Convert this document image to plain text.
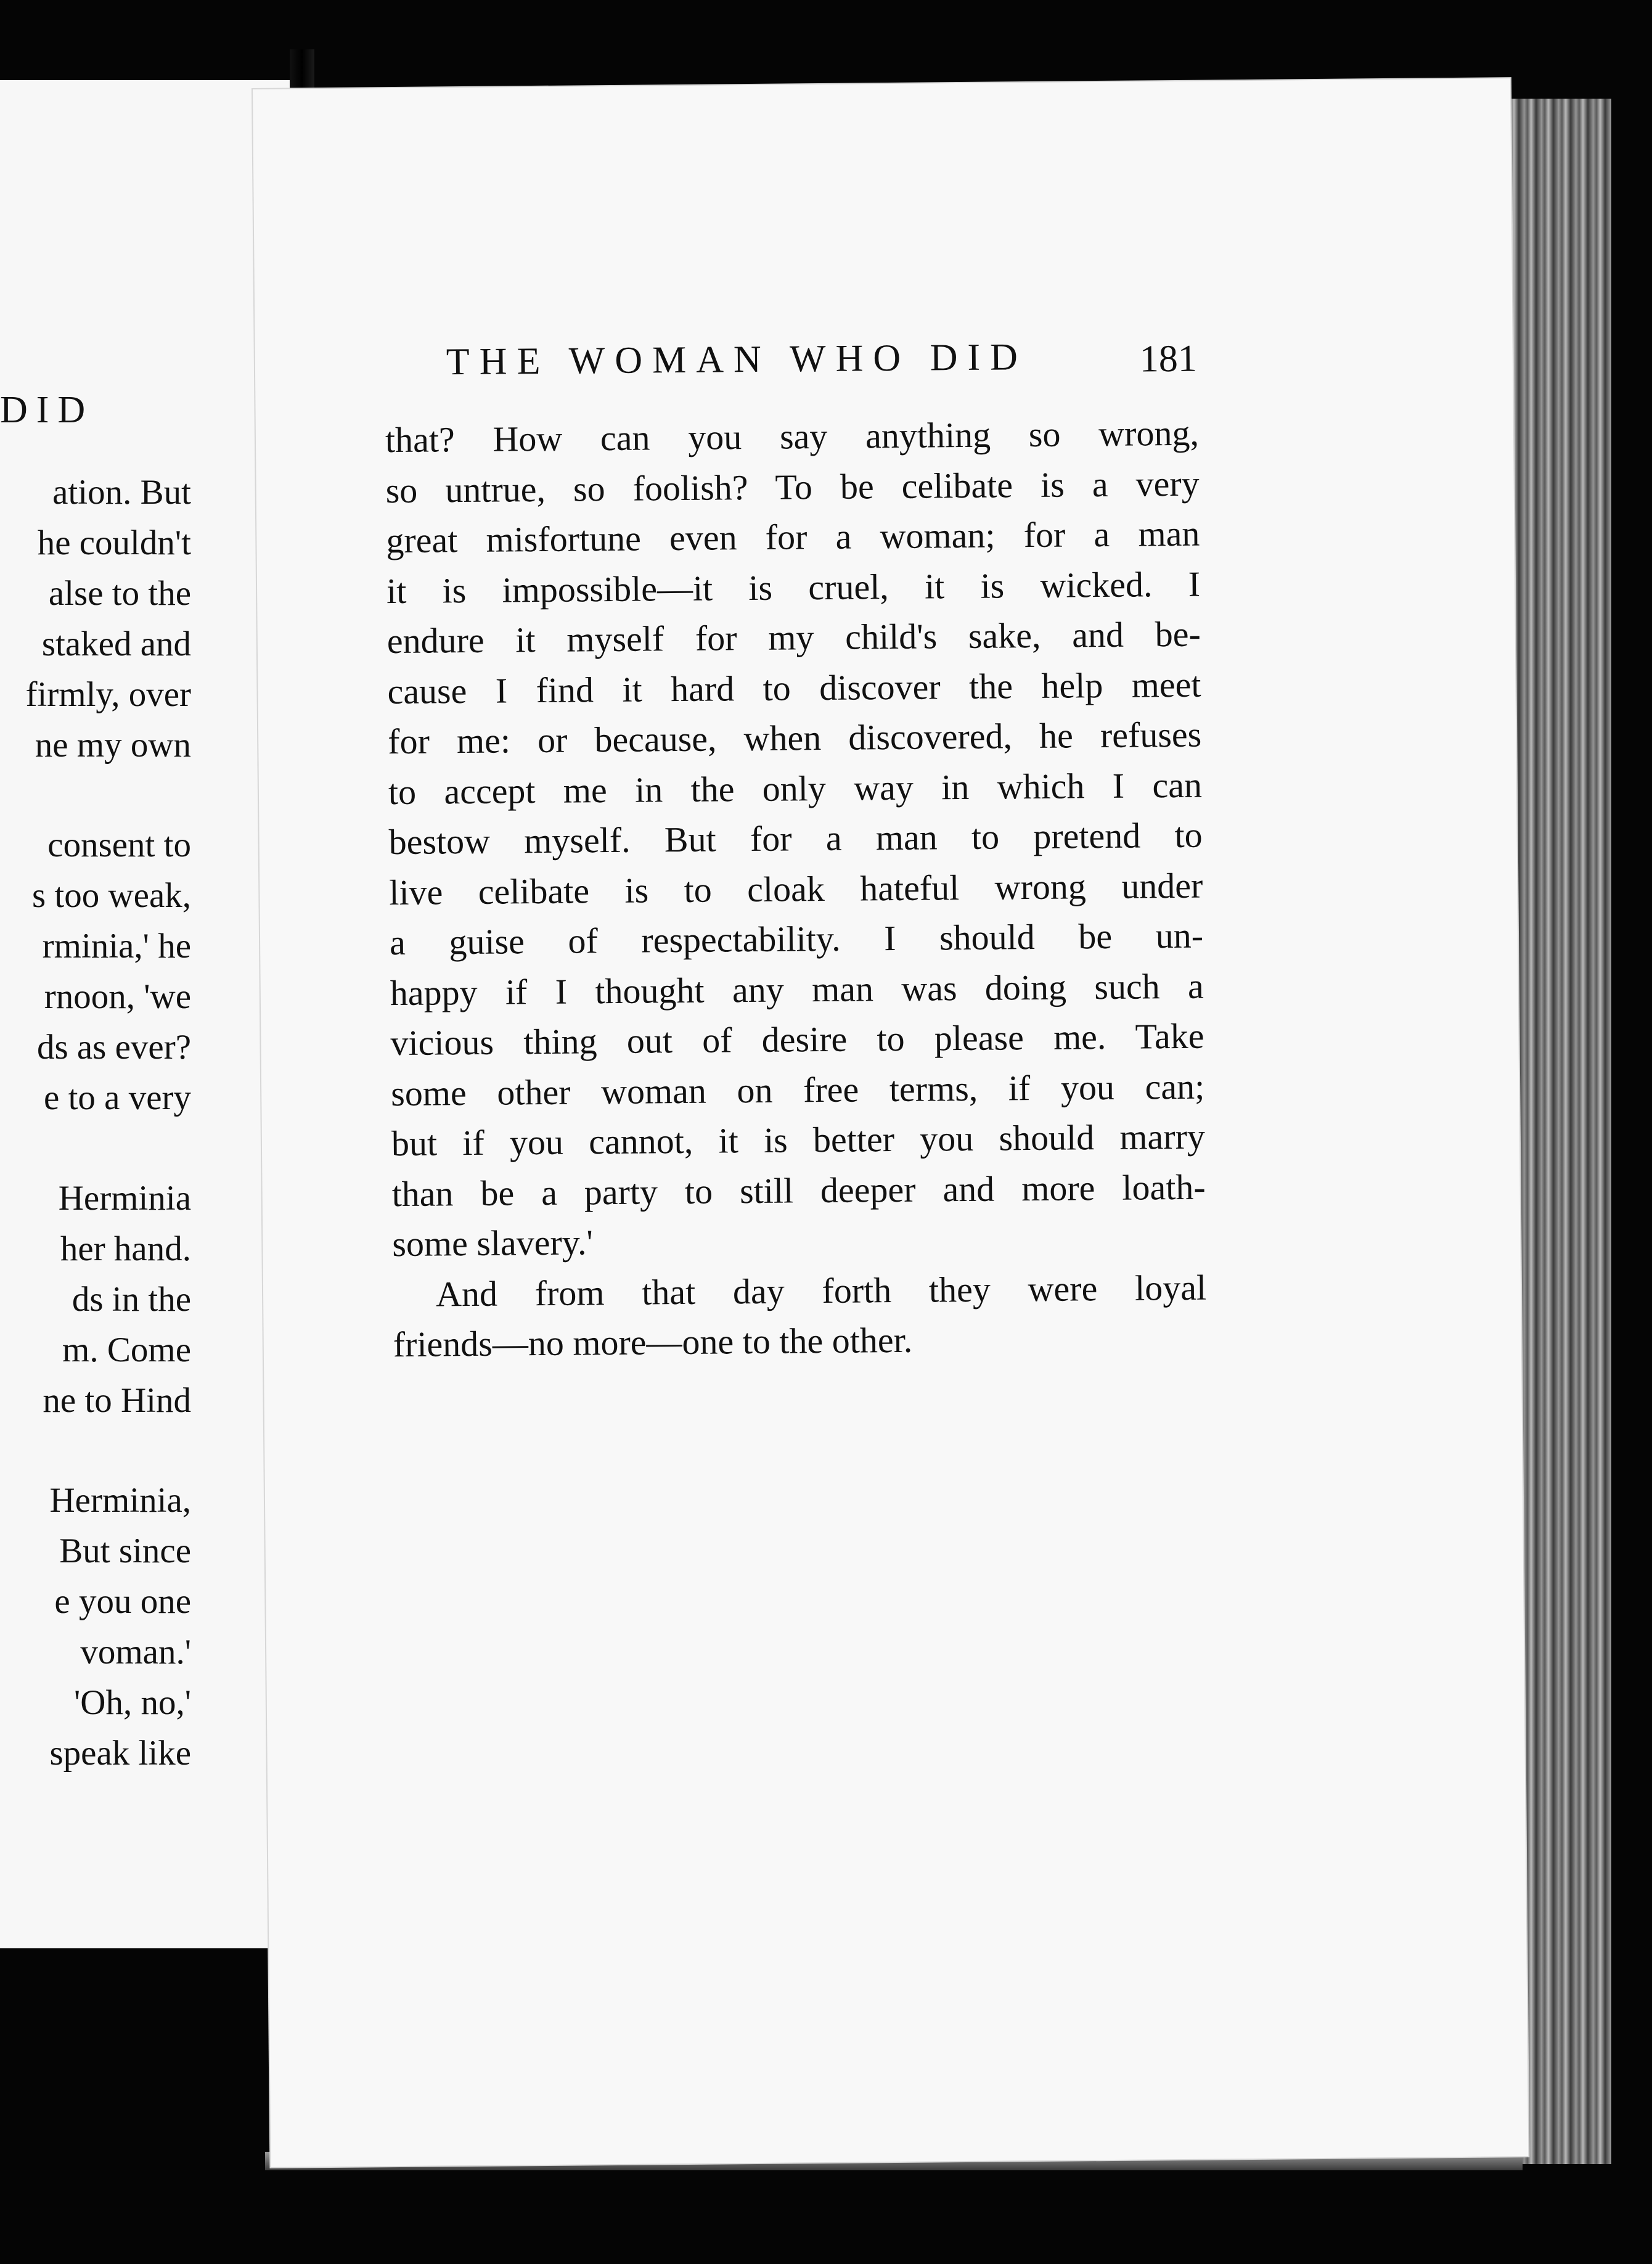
DID
ation. But
he couldn't
alse to the
staked and
firmly, over
ne my own
consent to
s too weak,
rminia,' he
rnoon, 'we
ds as ever?
e to a very
Herminia
her hand.
ds in the
m. Come
ne to Hind
Herminia,
But since
e you one
voman.'
'Oh, no,'
speak like
THE WOMAN WHO DID	181
that? How can you say anything so wrong,
so untrue, so foolish? To be celibate is a very
great misfortune even for a woman; for a man
it is impossible—it is cruel, it is wicked. I
endure it myself for my child's sake, and be-
cause I find it hard to discover the help meet
for me: or because, when discovered, he refuses
to accept me in the only way in which I can
bestow myself. But for a man to pretend to
live celibate is to cloak hateful wrong under
a guise of respectability. I should be un-
happy if I thought any man was doing such a
vicious thing out of desire to please me. Take
some other woman on free terms, if you can;
but if you cannot, it is better you should marry
than be a party to still deeper and more loath-
some slavery.'
And from that day forth they were loyal
friends—no more—one to the other.
